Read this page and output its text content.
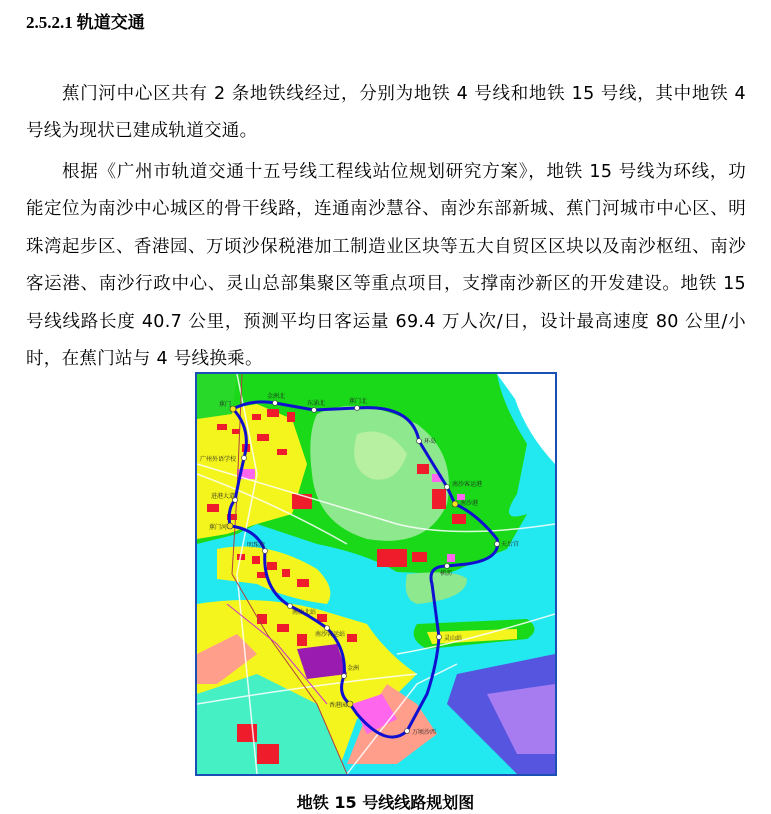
2.5.2.1 轨道交通

蕉门河中心区共有 2 条地铁线经过，分别为地铁 4 号线和地铁 15 号线，其中地铁 4 号线为现状已建成轨道交通。

根据《广州市轨道交通十五号线工程线站位规划研究方案》，地铁 15 号线为环线，功能定位为南沙中心城区的骨干线路，连通南沙慧谷、南沙东部新城、蕉门河城市中心区、明珠湾起步区、香港园、万顷沙保税港加工制造业区块等五大自贸区区块以及南沙枢纽、南沙客运港、南沙行政中心、灵山总部集聚区等重点项目，支撑南沙新区的开发建设。地铁 15 号线线路长度 40.7 公里，预测平均日客运量 69.4 万人次/日，设计最高速度 80 公里/小时，在蕉门站与 4 号线换乘。

蕉门
金洲北
东涌北	蕉门北
环岛
南沙客运港
南沙港
天后宫
横沥
灵山站
万顷沙西
香港园
金洲
南沙客运站
南沙北站
明珠湾
蕉门河
进港大道
广州外语学校
地铁 15 号线线路规划图
